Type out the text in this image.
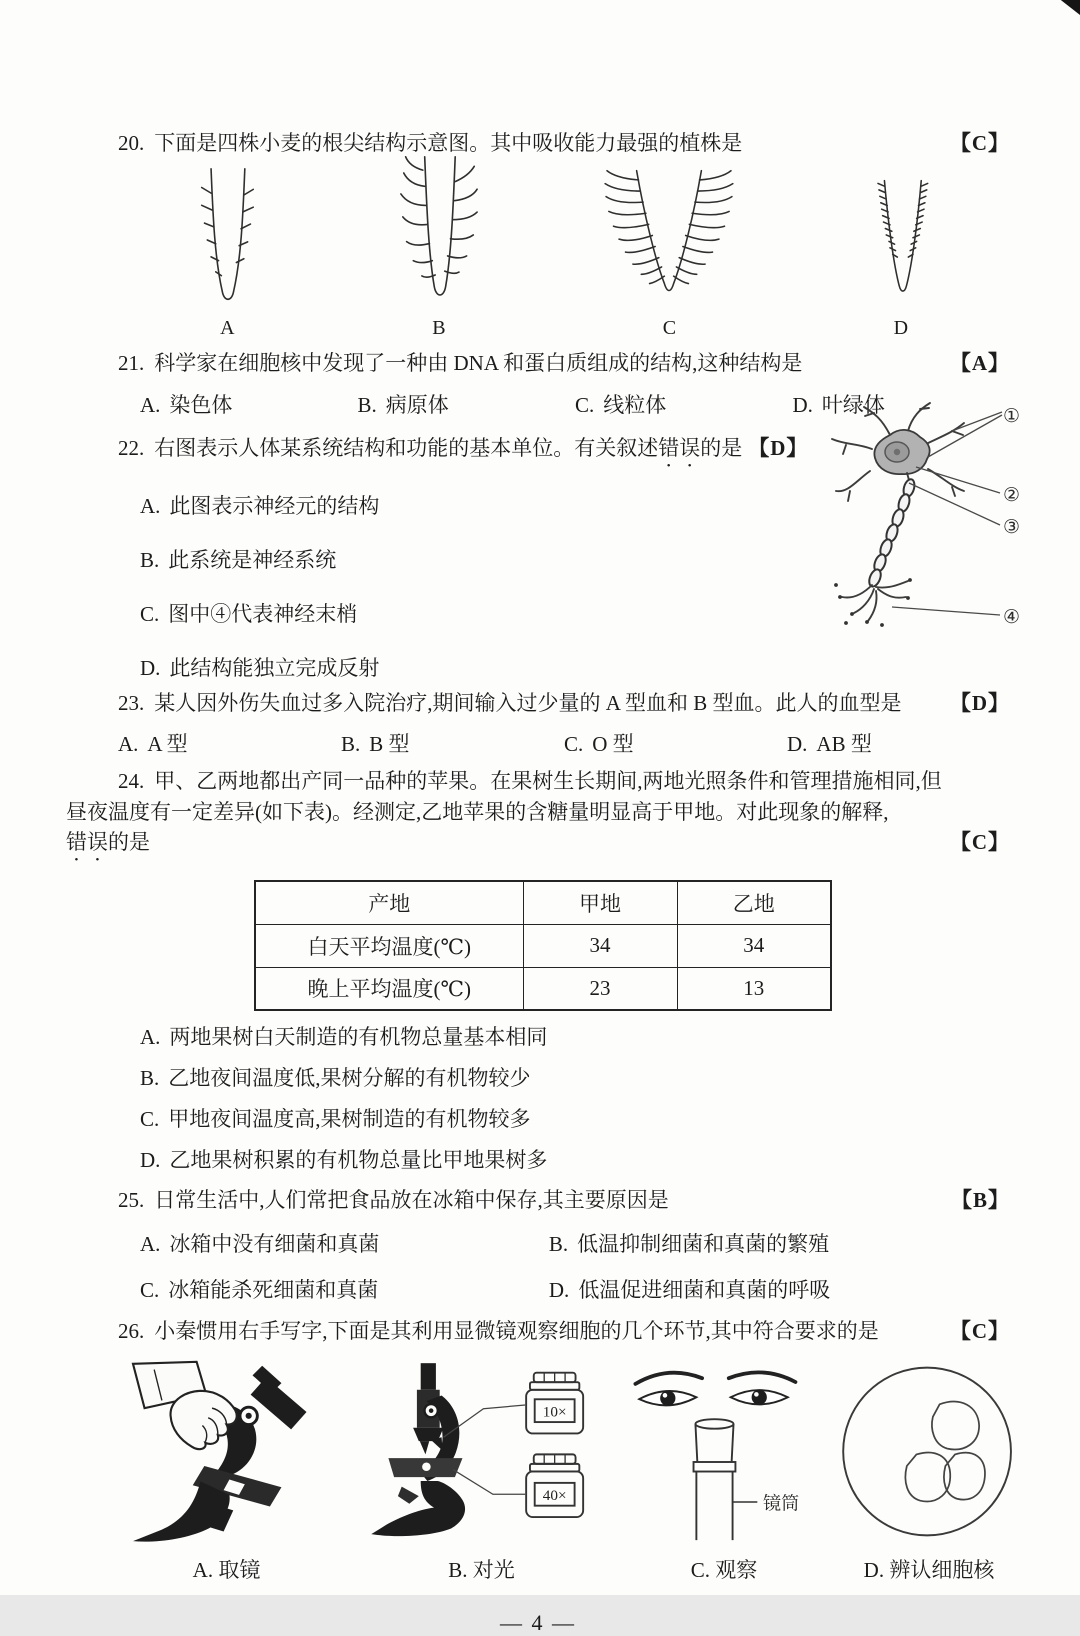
20. 下面是四株小麦的根尖结构示意图。其中吸收能力最强的植株是	【C】
A	B	C	D
21. 科学家在细胞核中发现了一种由 DNA 和蛋白质组成的结构,这种结构是	【A】
A. 染色体	B. 病原体	C. 线粒体	D. 叶绿体
22. 右图表示人体某系统结构和功能的基本单位。有关叙述错误的是 【D】
A. 此图表示神经元的结构
B. 此系统是神经系统
C. 图中④代表神经末梢
D. 此结构能独立完成反射
①
②
③
④
23. 某人因外伤失血过多入院治疗,期间输入过少量的 A 型血和 B 型血。此人的血型是 【D】
A. A 型	B. B 型	C. O 型	D. AB 型
24. 甲、乙两地都出产同一品种的苹果。在果树生长期间,两地光照条件和管理措施相同,但
昼夜温度有一定差异(如下表)。经测定,乙地苹果的含糖量明显高于甲地。对此现象的解释,
错误的是	【C】
产地	甲地	乙地
白天平均温度(℃)	34	34
晚上平均温度(℃)	23	13
A. 两地果树白天制造的有机物总量基本相同
B. 乙地夜间温度低,果树分解的有机物较少
C. 甲地夜间温度高,果树制造的有机物较多
D. 乙地果树积累的有机物总量比甲地果树多
25. 日常生活中,人们常把食品放在冰箱中保存,其主要原因是	【B】
A. 冰箱中没有细菌和真菌	B. 低温抑制细菌和真菌的繁殖
C. 冰箱能杀死细菌和真菌	D. 低温促进细菌和真菌的呼吸
26. 小秦惯用右手写字,下面是其利用显微镜观察细胞的几个环节,其中符合要求的是	【C】
A. 取镜
10×
40×
B. 对光
镜筒
C. 观察	D. 辨认细胞核
— 4 —
